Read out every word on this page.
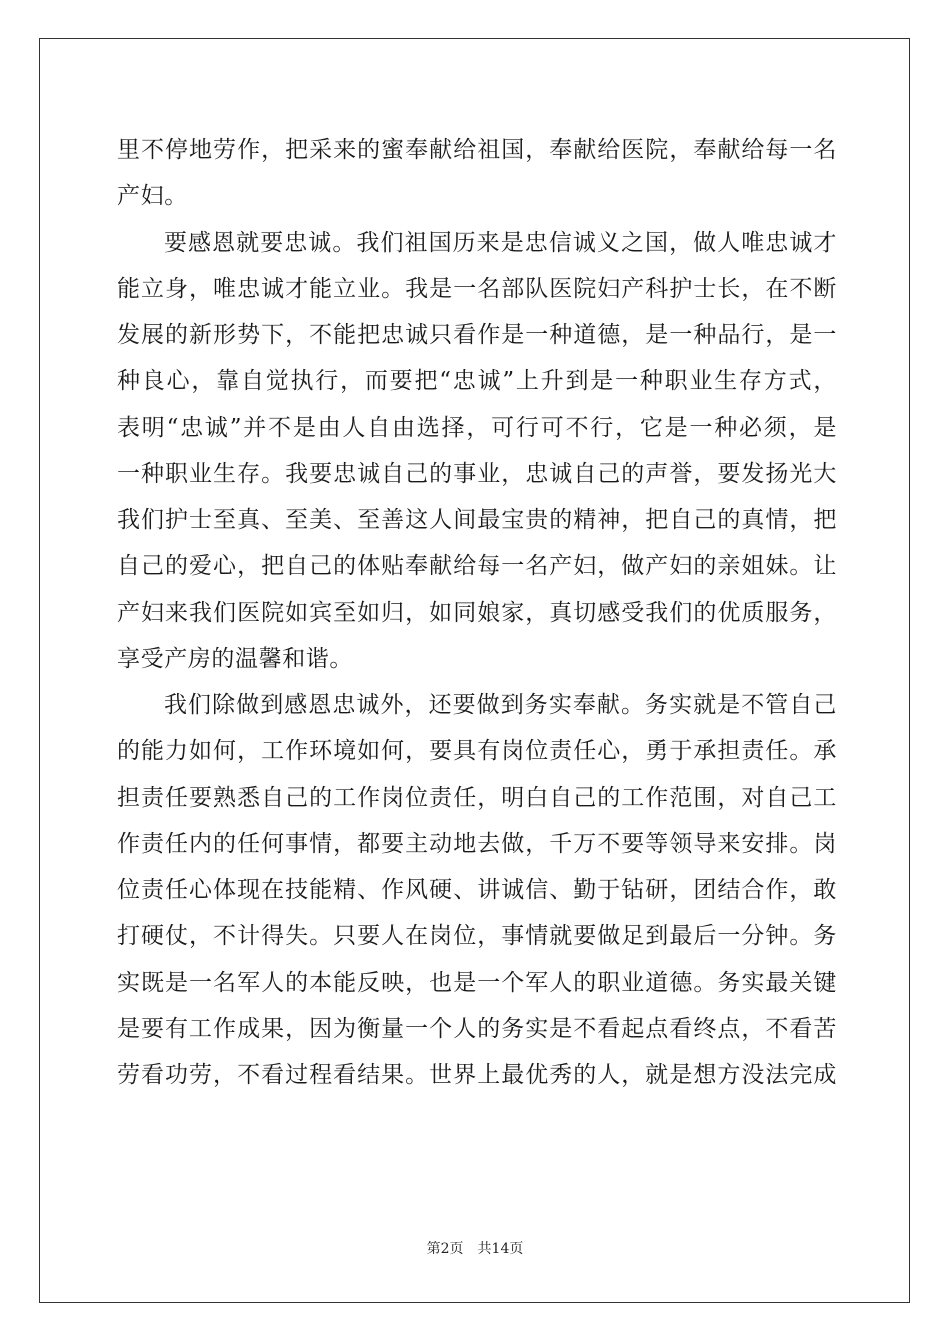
里不停地劳作，把采来的蜜奉献给祖国，奉献给医院，奉献给每一名
产妇。
要感恩就要忠诚。我们祖国历来是忠信诚义之国，做人唯忠诚才
能立身，唯忠诚才能立业。我是一名部队医院妇产科护士长，在不断
发展的新形势下，不能把忠诚只看作是一种道德，是一种品行，是一
种良心，靠自觉执行，而要把“忠诚”上升到是一种职业生存方式，
表明“忠诚”并不是由人自由选择，可行可不行，它是一种必须，是
一种职业生存。我要忠诚自己的事业，忠诚自己的声誉，要发扬光大
我们护士至真、至美、至善这人间最宝贵的精神，把自己的真情，把
自己的爱心，把自己的体贴奉献给每一名产妇，做产妇的亲姐妹。让
产妇来我们医院如宾至如归，如同娘家，真切感受我们的优质服务，
享受产房的温馨和谐。
我们除做到感恩忠诚外，还要做到务实奉献。务实就是不管自己
的能力如何，工作环境如何，要具有岗位责任心，勇于承担责任。承
担责任要熟悉自己的工作岗位责任，明白自己的工作范围，对自己工
作责任内的任何事情，都要主动地去做，千万不要等领导来安排。岗
位责任心体现在技能精、作风硬、讲诚信、勤于钻研，团结合作，敢
打硬仗，不计得失。只要人在岗位，事情就要做足到最后一分钟。务
实既是一名军人的本能反映，也是一个军人的职业道德。务实最关键
是要有工作成果，因为衡量一个人的务实是不看起点看终点，不看苦
劳看功劳，不看过程看结果。世界上最优秀的人，就是想方没法完成
第2页 共14页
